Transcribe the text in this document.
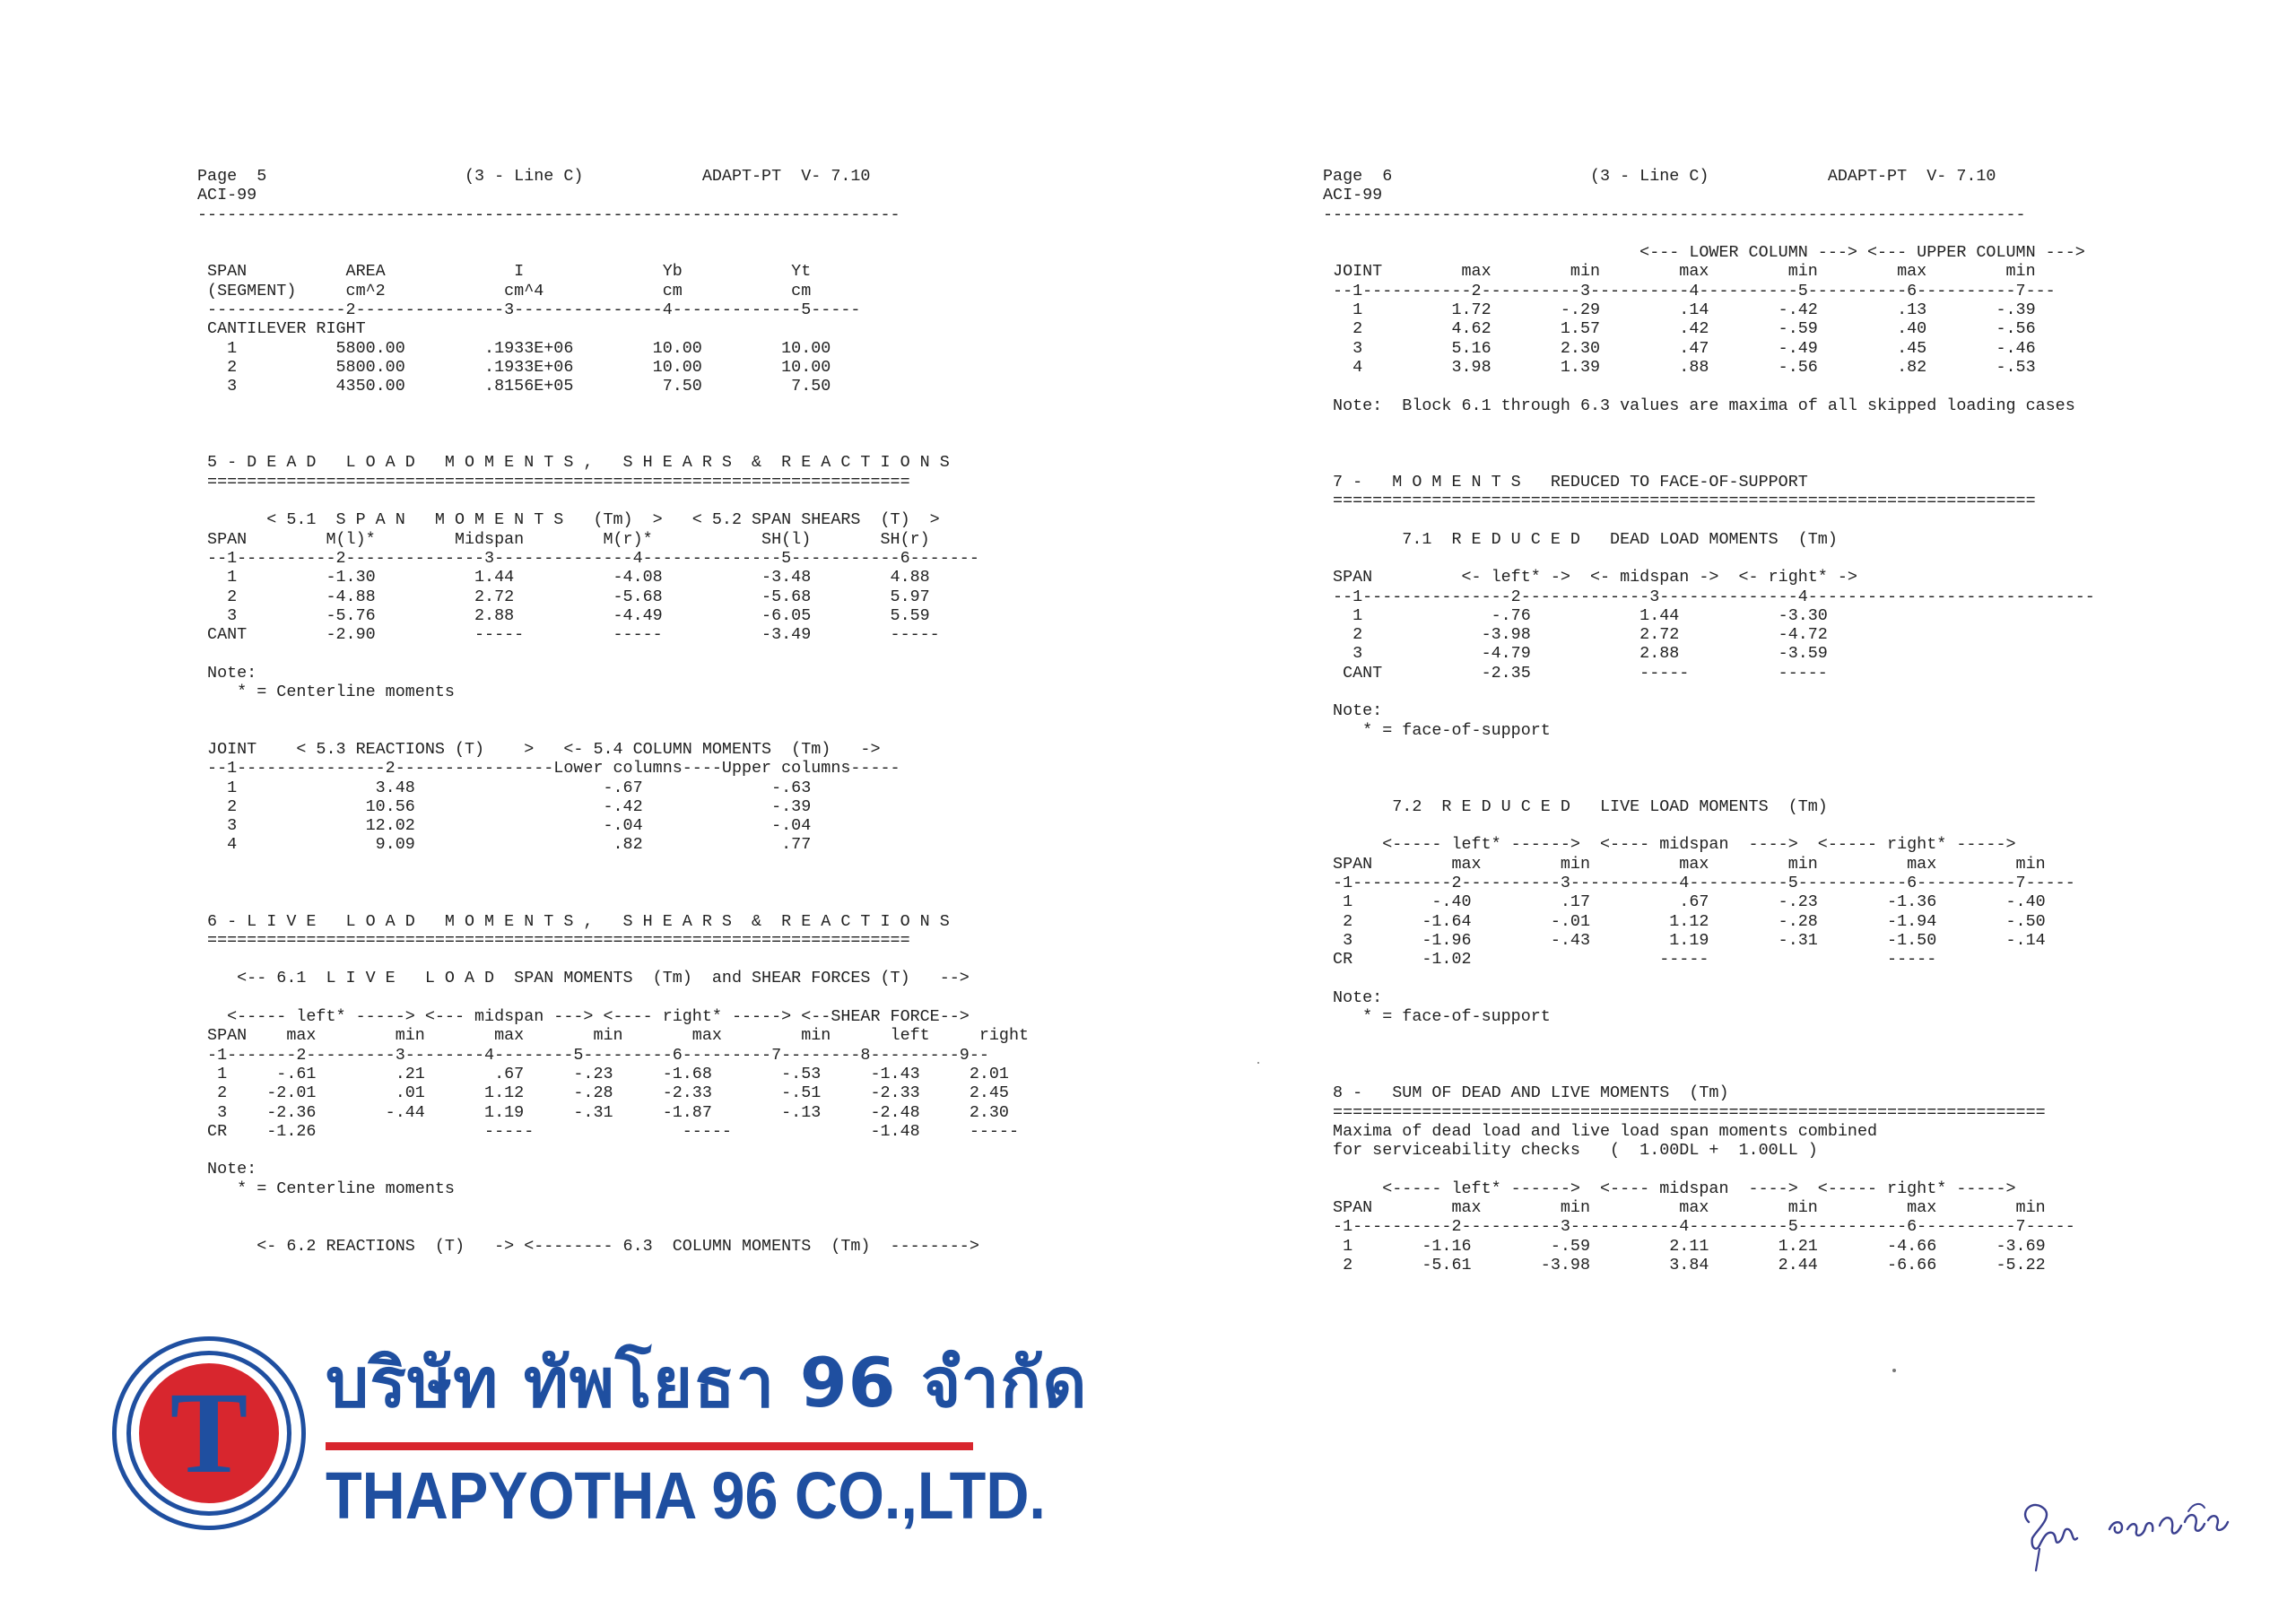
Page  5                    (3 - Line C)            ADAPT-PT  V- 7.10
ACI-99
-----------------------------------------------------------------------

SPAN          AREA             I              Yb           Yt
(SEGMENT)     cm^2            cm^4            cm           cm
--------------2---------------3---------------4-------------5-----
CANTILEVER RIGHT
1          5800.00        .1933E+06        10.00        10.00
2          5800.00        .1933E+06        10.00        10.00
3          4350.00        .8156E+05         7.50         7.50

5 - D E A D   L O A D   M O M E N T S ,   S H E A R S  &  R E A C T I O N S
=======================================================================

< 5.1  S P A N   M O M E N T S   (Tm)  >   < 5.2 SPAN SHEARS  (T)  >
SPAN        M(l)*        Midspan        M(r)*           SH(l)       SH(r)
--1----------2--------------3--------------4--------------5-----------6-------
1         -1.30          1.44          -4.08          -3.48        4.88
2         -4.88          2.72          -5.68          -5.68        5.97
3         -5.76          2.88          -4.49          -6.05        5.59
CANT        -2.90          -----         -----          -3.49        -----

Note:
* = Centerline moments

JOINT    < 5.3 REACTIONS (T)    >   <- 5.4 COLUMN MOMENTS  (Tm)   ->
--1---------------2----------------Lower columns----Upper columns-----
1              3.48                   -.67             -.63
2             10.56                   -.42             -.39
3             12.02                   -.04             -.04
4              9.09                    .82              .77

6 - L I V E   L O A D   M O M E N T S ,   S H E A R S  &  R E A C T I O N S
=======================================================================

<-- 6.1  L I V E   L O A D  SPAN MOMENTS  (Tm)  and SHEAR FORCES (T)   -->

<----- left* -----> <--- midspan ---> <---- right* -----> <--SHEAR FORCE-->
SPAN    max        min       max       min       max        min      left     right
-1-------2---------3--------4--------5---------6---------7--------8---------9--
1     -.61        .21       .67     -.23     -1.68       -.53     -1.43     2.01
2    -2.01        .01      1.12     -.28     -2.33       -.51     -2.33     2.45
3    -2.36       -.44      1.19     -.31     -1.87       -.13     -2.48     2.30
CR    -1.26                 -----               -----              -1.48     -----

Note:
* = Centerline moments

<- 6.2 REACTIONS  (T)   -> <-------- 6.3  COLUMN MOMENTS  (Tm)  -------->
Page  6                    (3 - Line C)            ADAPT-PT  V- 7.10
ACI-99
-----------------------------------------------------------------------

<--- LOWER COLUMN ---> <--- UPPER COLUMN --->
JOINT        max        min        max        min        max        min
--1-----------2----------3----------4----------5----------6----------7---
1         1.72       -.29        .14       -.42        .13       -.39
2         4.62       1.57        .42       -.59        .40       -.56
3         5.16       2.30        .47       -.49        .45       -.46
4         3.98       1.39        .88       -.56        .82       -.53

Note:  Block 6.1 through 6.3 values are maxima of all skipped loading cases

7 -   M O M E N T S   REDUCED TO FACE-OF-SUPPORT
=======================================================================

7.1  R E D U C E D   DEAD LOAD MOMENTS  (Tm)

SPAN         <- left* ->  <- midspan ->  <- right* ->
--1---------------2-------------3--------------4-----------------------------
1             -.76           1.44          -3.30
2            -3.98           2.72          -4.72
3            -4.79           2.88          -3.59
CANT          -2.35           -----         -----

Note:
* = face-of-support

7.2  R E D U C E D   LIVE LOAD MOMENTS  (Tm)

<----- left* ------>  <---- midspan  ---->  <----- right* ----->
SPAN        max        min         max        min         max        min
-1----------2----------3-----------4----------5-----------6----------7-----
1        -.40         .17         .67       -.23       -1.36       -.40
2       -1.64        -.01        1.12       -.28       -1.94       -.50
3       -1.96        -.43        1.19       -.31       -1.50       -.14
CR       -1.02                   -----                  -----

Note:
* = face-of-support

8 -   SUM OF DEAD AND LIVE MOMENTS  (Tm)
========================================================================
Maxima of dead load and live load span moments combined
for serviceability checks   (  1.00DL +  1.00LL )

<----- left* ------>  <---- midspan  ---->  <----- right* ----->
SPAN        max        min         max        min         max        min
-1----------2----------3-----------4----------5-----------6----------7-----
1       -1.16        -.59        2.11       1.21       -4.66      -3.69
2       -5.61       -3.98        3.84       2.44       -6.66      -5.22
T	บริษัท ทัพโยธา 96 จำกัด
THAPYOTHA 96 CO.,LTD.
